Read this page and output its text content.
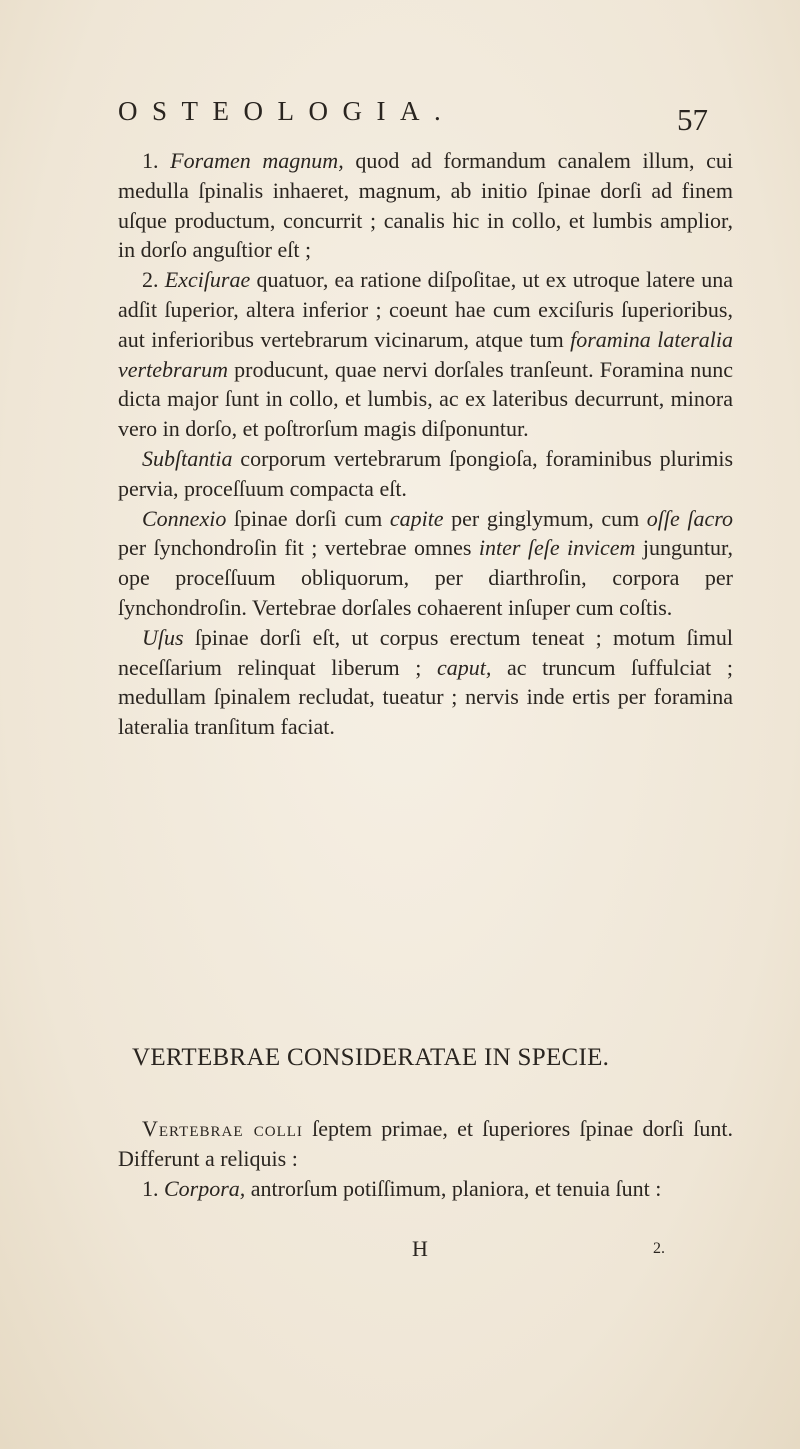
OSTEOLOGIA.	57

1. Foramen magnum, quod ad formandum canalem illum, cui medulla ſpinalis inhaeret, magnum, ab initio ſpinae dorſi ad finem uſque productum, concurrit ; canalis hic in collo, et lumbis amplior, in dorſo anguſtior eſt ;

2. Exciſurae quatuor, ea ratione diſpoſitae, ut ex utroque latere una adſit ſuperior, altera inferior ; coeunt hae cum exciſuris ſuperioribus, aut inferioribus vertebrarum vicinarum, atque tum foramina lateralia vertebrarum producunt, quae nervi dorſales tranſeunt. Foramina nunc dicta major ſunt in collo, et lumbis, ac ex lateribus decurrunt, minora vero in dorſo, et poſtrorſum magis diſponuntur.

Subſtantia corporum vertebrarum ſpongioſa, foraminibus plurimis pervia, proceſſuum compacta eſt.

Connexio ſpinae dorſi cum capite per ginglymum, cum oſſe ſacro per ſynchondroſin fit ; vertebrae omnes inter ſeſe invicem junguntur, ope proceſſuum obliquorum, per diarthroſin, corpora per ſynchondroſin. Vertebrae dorſales cohaerent inſuper cum coſtis.

Uſus ſpinae dorſi eſt, ut corpus erectum teneat ; motum ſimul neceſſarium relinquat liberum ; caput, ac truncum ſuffulciat ; medullam ſpinalem recludat, tueatur ; nervis inde ertis per foramina lateralia tranſitum faciat.

VERTEBRAE CONSIDERATAE IN SPECIE.

Vertebrae colli ſeptem primae, et ſuperiores ſpinae dorſi ſunt. Differunt a reliquis :

1. Corpora, antrorſum potiſſimum, planiora, et tenuia ſunt :

H	2.
